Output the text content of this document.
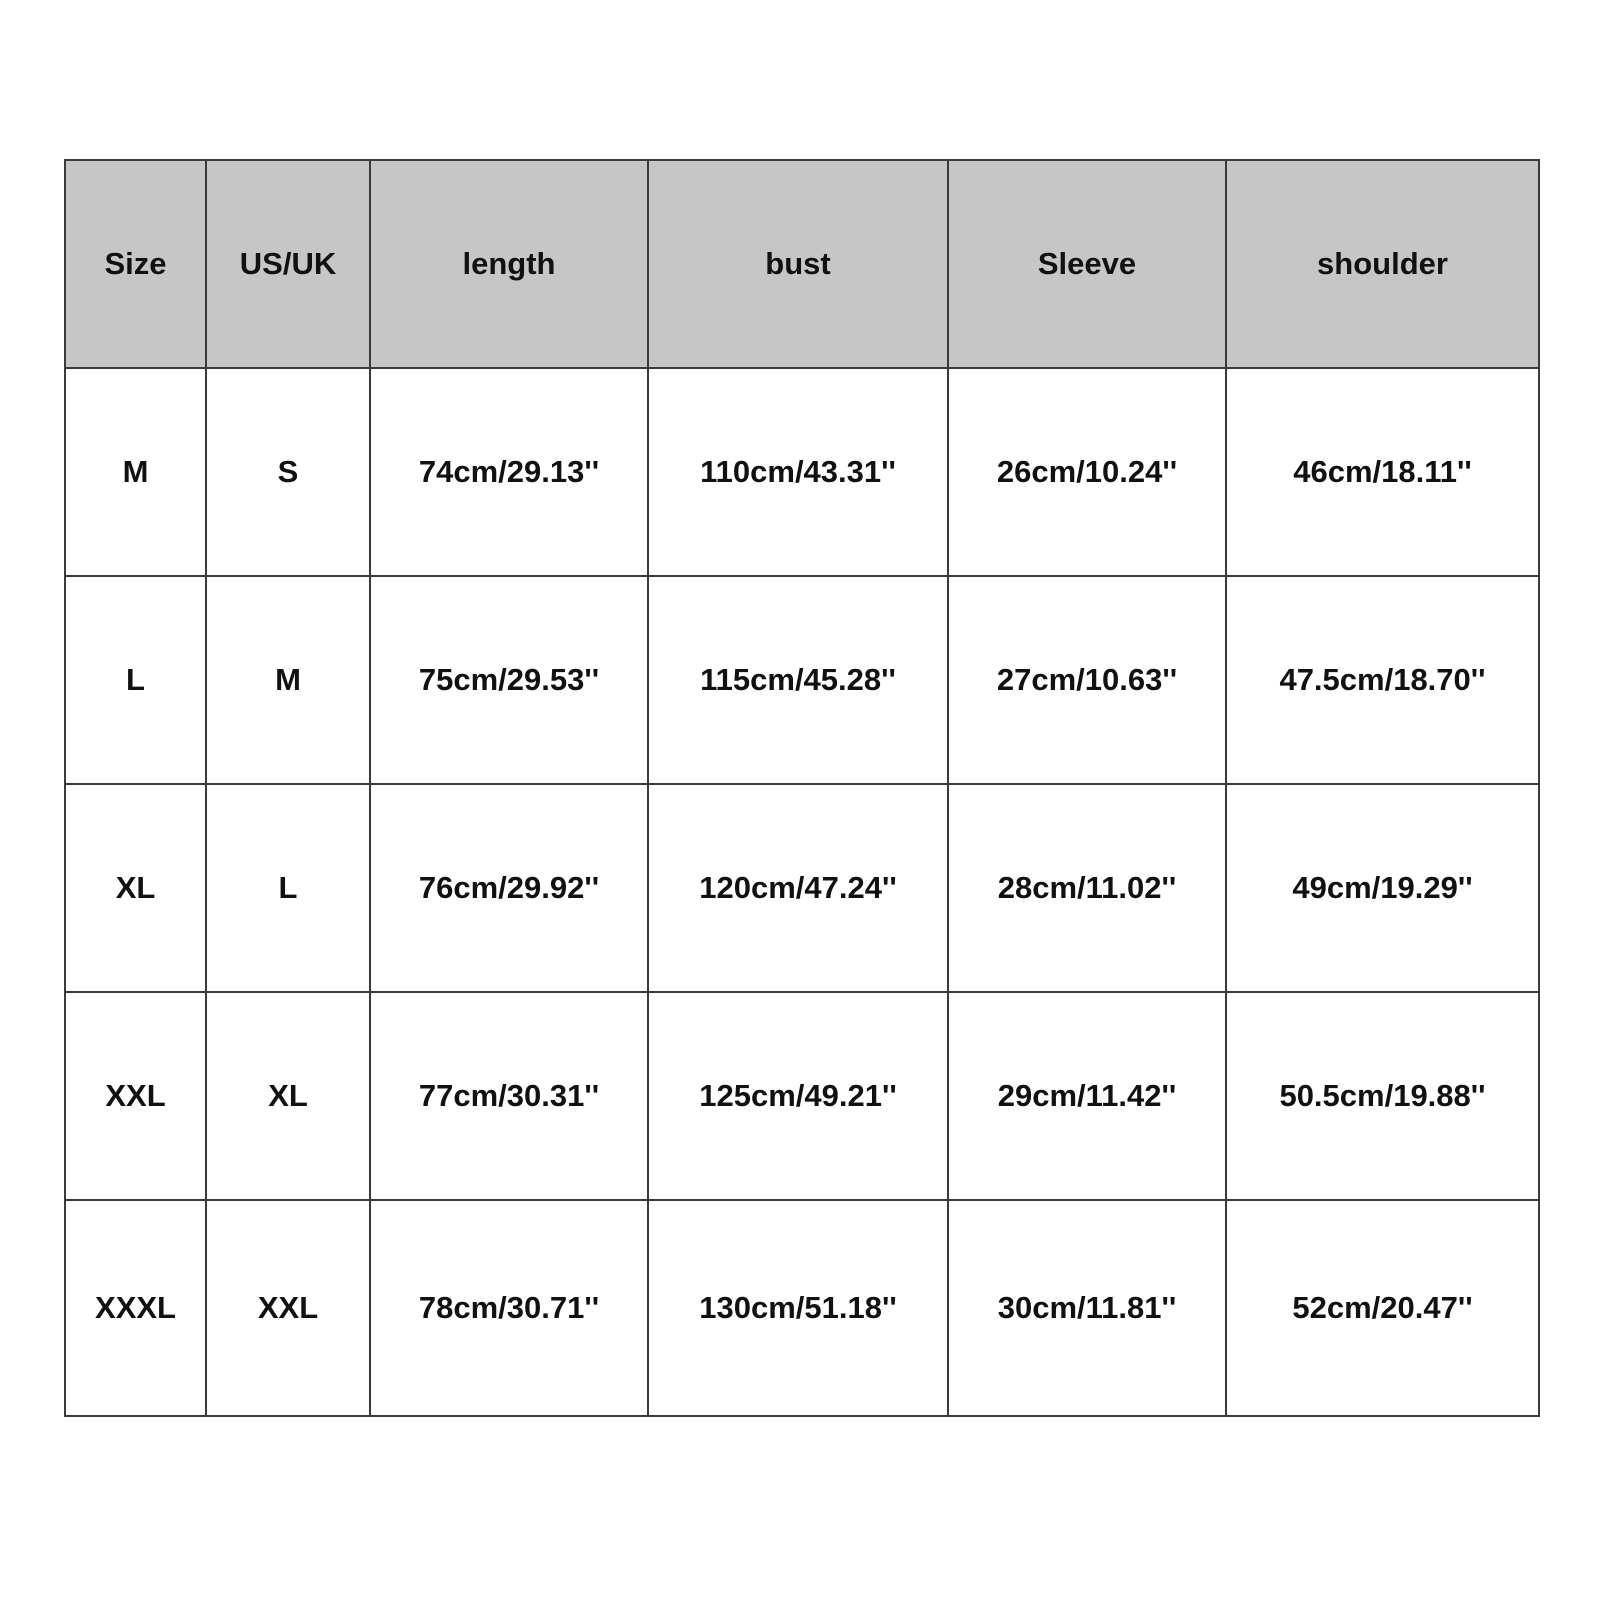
Size	US/UK	length	bust	Sleeve	shoulder
M	S	74cm/29.13''	110cm/43.31''	26cm/10.24''	46cm/18.11''
L	M	75cm/29.53''	115cm/45.28''	27cm/10.63''	47.5cm/18.70''
XL	L	76cm/29.92''	120cm/47.24''	28cm/11.02''	49cm/19.29''
XXL	XL	77cm/30.31''	125cm/49.21''	29cm/11.42''	50.5cm/19.88''
XXXL	XXL	78cm/30.71''	130cm/51.18''	30cm/11.81''	52cm/20.47''
